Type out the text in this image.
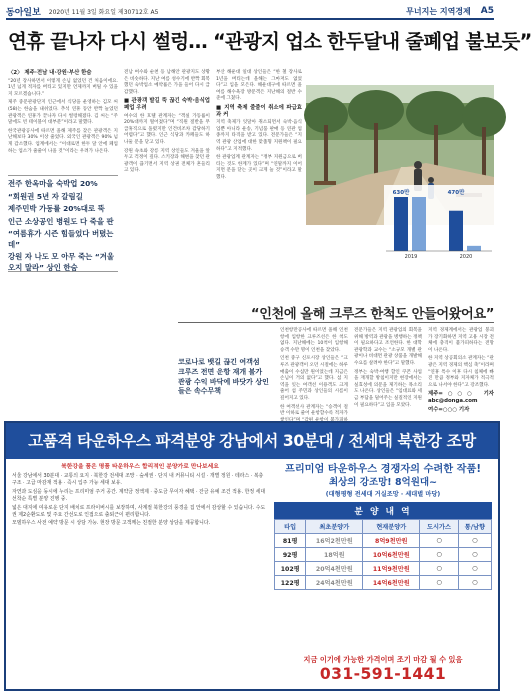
동아일보 2020년 11월 3일 화요일 제30712호 A5	무너지는 지역경제 A5
연휴 끝나자 다시 썰렁… “관광지 업소 한두달내 줄폐업 불보듯”

〈2〉 제주·전남 내·강원·부산 한숨

“20년 장사하면서 이렇게 손님 없었던 건 처음이에요. 1년 넘게 적자를 버티고 있지만 언제까지 버틸 수 있을지 모르겠습니다.”

제주 중문관광단지 인근에서 식당을 운영하는 김모 씨(58)는 한숨을 내쉬었다. 추석 연휴 동안 반짝 늘었던 관광객은 연휴가 끝나자 다시 썰렁해졌다. 김 씨는 “주말에도 빈 테이블이 대부분”이라고 말했다.

한국관광공사에 따르면 올해 제주를 찾은 관광객은 지난해보다 30% 이상 줄었다. 외국인 관광객은 90% 넘게 감소했다. 업계에서는 “이대로면 한두 달 안에 폐업하는 업소가 줄줄이 나올 것”이라는 우려가 나온다.

전주 한옥마을 숙박업 20%
“회원권 5년 자 갈림길
제주민박 가동률 20%대로 뚝
인근 소상공인 병원도 다 죽을 판
“여름휴가 시즌 힘들었다 버텼는데”
강원 자 나도 모 아무 죽는 “겨울 오지 말라” 상인 한숨

전남 여수와 순천 등 남해안 관광지도 상황은 비슷하다. 지난 여름 성수기에 반짝 회복했던 숙박업소 예약률은 가을 들어 다시 급감했다.

■ 관광객 발길 뚝 끊긴 숙박·음식업 폐업 우려

여수의 한 호텔 관계자는 “객실 가동률이 20%대까지 떨어졌다”며 “직원 절반을 무급휴직으로 돌렸지만 인건비조차 감당하기 어렵다”고 했다. 인근 식당과 카페들도 하나둘 문을 닫고 있다.

강원 속초와 강릉 지역 상인들도 겨울을 앞두고 걱정이 깊다. 스키장과 해변을 찾던 관광객이 끊기면서 지역 상권 전체가 흔들리고 있다.

부산 해운대 일대 상인들은 “한 철 장사로 1년을 버티는데 올해는 그마저도 없었다”고 입을 모은다. 해운대구에 따르면 올여름 해수욕장 방문객은 지난해의 절반 수준에 그쳤다.

■ 지역 축제 줄줄이 취소에 파급효과 커

지역 축제가 잇달아 취소되면서 숙박·음식업뿐 아니라 운송, 기념품 판매 등 연관 업종까지 타격을 받고 있다. 전문가들은 “지역 관광 산업에 대한 맞춤형 지원책이 필요하다”고 지적했다.

한 관광업계 관계자는 “정부 지원금으로 버티는 것도 한계가 있다”며 “연말까지 이어지면 문을 닫는 곳이 크게 늘 것”이라고 말했다.

2019	2020
630만	470만
“인천에 올해 크루즈 한척도 안들어왔어요”
코로나로 뱃길 끊긴 여객섬
크루즈 전면 운항 재개 불가
관광 수익 바닥에 바닷가 상인들은 속수무책

인천항만공사에 따르면 올해 인천항에 입항한 크루즈선은 한 척도 없다. 지난해에는 10척이 입항해 승객 수만 명이 인천을 찾았다.

인천 중구 신포시장 상인들은 “크루즈 관광객이 오던 시절에는 하루 매출이 수십만 원이었는데 지금은 손님이 거의 없다”고 했다. 섬 지역을 잇는 여객선 이용객도 크게 줄어 섬 주민과 상인들의 시름이 깊어지고 있다.

한 여객선사 관계자는 “승객이 절반 이하로 줄어 운항할수록 적자가

전문가들은 지역 관광업의 회복을 위해 방역과 관광을 병행하는 정책이 필요하다고 조언한다. 한 대학 관광학과 교수는 “소규모 개별 관광이나 비대면 관광 상품을 개발해 수요를 살려야 한다”고 말했다.

정부는 숙박·여행 할인 쿠폰 사업을 재개할 방침이지만 현장에서는 실효성에 의문을 제기하는 목소리도 나온다. 상인들은 “임대료와 세금 부담을 덜어주는 실질적인 지원이 필요하다”고 입을 모았다.

지역 경제계에서는 관광업 붕괴가 장기화하면 지역 고용 시장 전체에 충격이 불가피하다는 전망이 나온다.

한 지역 상공회의소 관계자는 “관광은 지역 경제의 핵심 축”이라며 “연휴 특수 이후 다시 침체에 빠진 만큼 정부와 지자체가 적극적으로 나서야 한다”고 강조했다.

제주=○○○ 기자 abc@donga.com

여수=○○○ 기자

고품격 타운하우스 파격분양 강남에서 30분대 / 전세대 북한강 조망
북한강을 품은 명품 타운하우스 합리적인 분양가로 만나보세요

서울 강남에서 30분대 · 교통의 요지 · 북한강 전세대 조망 · 숲세권 · 단지 내 커뮤니티 시설 · 개별 정원 · 테라스 · 복층 구조 · 고급 마감재 적용 · 즉시 입주 가능 세대 보유.

자연과 도심을 동시에 누리는 프리미엄 주거 공간. 계약금 정액제 · 중도금 무이자 혜택 · 잔금 유예 조건 적용. 한정 세대 선착순 특별 분양 진행 중.

넓은 대지에 여유로운 단지 배치로 프라이버시를 보장하며, 사계절 북한강의 풍경을 집 안에서 감상할 수 있습니다. 수도권 제2순환도로 및 주요 간선도로 인접으로 출퇴근이 편리합니다.

모델하우스 사전 예약 방문 시 상담 가능. 현장 방문 고객께는 친절한 분양 상담을 제공합니다.

프리미엄 타운하우스 경쟁자의 수려한 작품!
최상의 강조망! 8억원대~
(대형평형 전세대 거실조망 · 세대별 마당)
분 양 내 역
타입	최초분양가	현재분양가	도시가스	통/남향
81평	16억2천만원	8억9천만원	○	○
92평	18억원	10억6천만원	○	○
102평	20억4천만원	11억9천만원	○	○
122평	24억4천만원	14억6천만원	○	○
지금 이기에 가능한 가격이며 조기 마감 될 수 있음
031-591-1441
